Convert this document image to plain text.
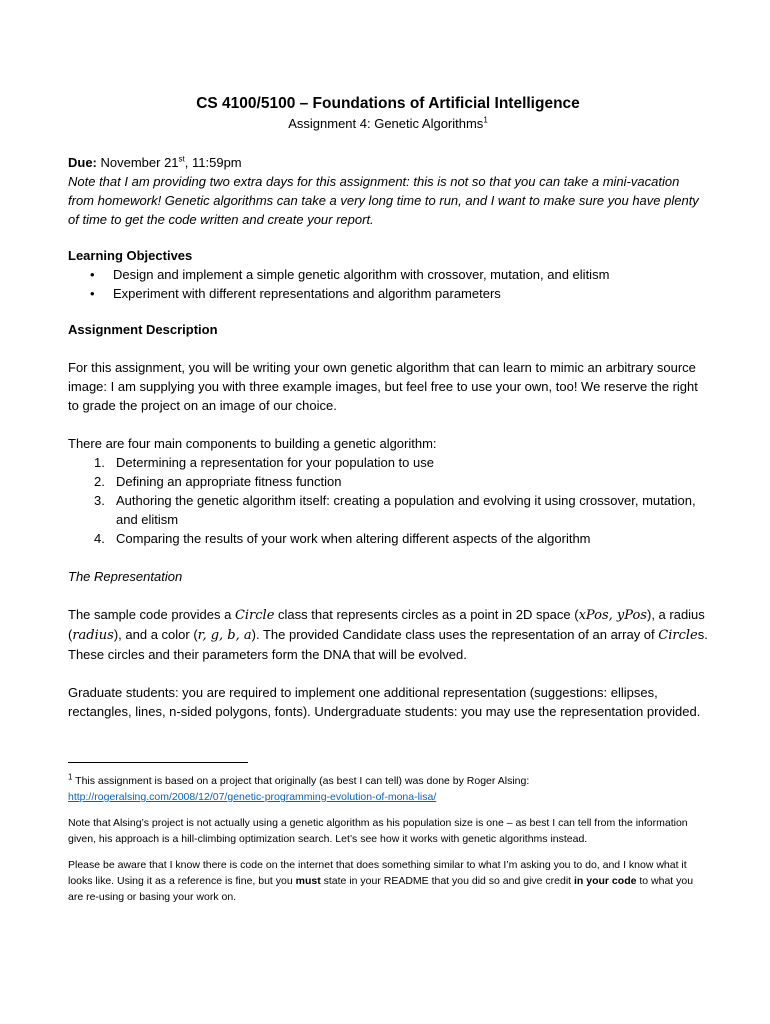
CS 4100/5100 – Foundations of Artificial Intelligence
Assignment 4: Genetic Algorithms$^1$
Due: November 21st, 11:59pm
Note that I am providing two extra days for this assignment: this is not so that you can take a mini-vacation from homework! Genetic algorithms can take a very long time to run, and I want to make sure you have plenty of time to get the code written and create your report.
Learning Objectives
• Design and implement a simple genetic algorithm with crossover, mutation, and elitism
• Experiment with different representations and algorithm parameters
Assignment Description
For this assignment, you will be writing your own genetic algorithm that can learn to mimic an arbitrary source image: I am supplying you with three example images, but feel free to use your own, too! We reserve the right to grade the project on an image of our choice.
There are four main components to building a genetic algorithm:
1. Determining a representation for your population to use
2. Defining an appropriate fitness function
3. Authoring the genetic algorithm itself: creating a population and evolving it using crossover, mutation, and elitism
4. Comparing the results of your work when altering different aspects of the algorithm
The Representation
The sample code provides a Circle class that represents circles as a point in 2D space (xPos, yPos), a radius (radius), and a color (r, g, b, a). The provided Candidate class uses the representation of an array of Circles. These circles and their parameters form the DNA that will be evolved.
Graduate students: you are required to implement one additional representation (suggestions: ellipses, rectangles, lines, n-sided polygons, fonts). Undergraduate students: you may use the representation provided.
$^1$ This assignment is based on a project that originally (as best I can tell) was done by Roger Alsing:
http://rogeralsing.com/2008/12/07/genetic-programming-evolution-of-mona-lisa/
Note that Alsing’s project is not actually using a genetic algorithm as his population size is one – as best I can tell from the information given, his approach is a hill-climbing optimization search. Let’s see how it works with genetic algorithms instead.
Please be aware that I know there is code on the internet that does something similar to what I’m asking you to do, and I know what it looks like. Using it as a reference is fine, but you must state in your README that you did so and give credit in your code to what you are re-using or basing your work on.
